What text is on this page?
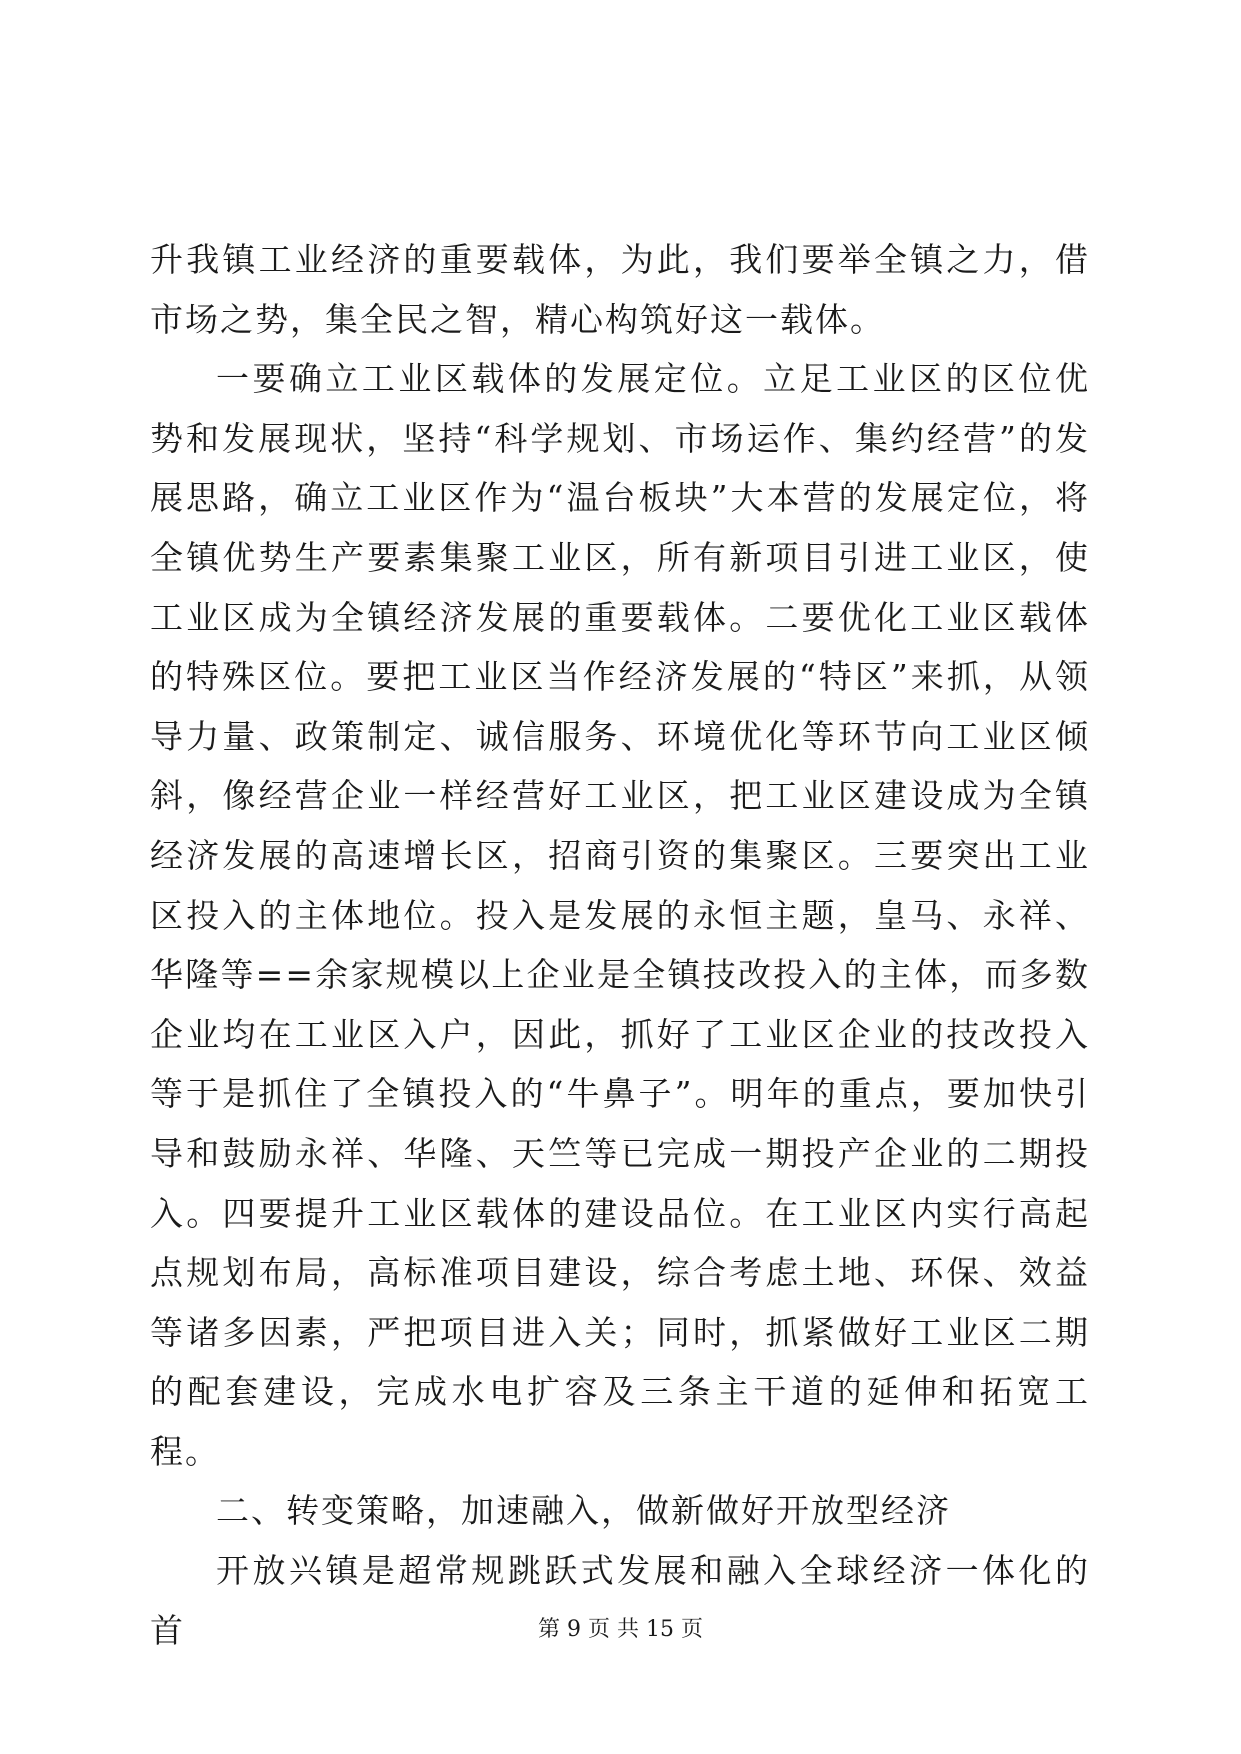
升我镇工业经济的重要载体，为此，我们要举全镇之力，借市场之势，集全民之智，精心构筑好这一载体。

一要确立工业区载体的发展定位。立足工业区的区位优势和发展现状，坚持“科学规划、市场运作、集约经营”的发展思路，确立工业区作为“温台板块”大本营的发展定位，将全镇优势生产要素集聚工业区，所有新项目引进工业区，使工业区成为全镇经济发展的重要载体。二要优化工业区载体的特殊区位。要把工业区当作经济发展的“特区”来抓，从领导力量、政策制定、诚信服务、环境优化等环节向工业区倾斜，像经营企业一样经营好工业区，把工业区建设成为全镇经济发展的高速增长区，招商引资的集聚区。三要突出工业区投入的主体地位。投入是发展的永恒主题，皇马、永祥、华隆等==余家规模以上企业是全镇技改投入的主体，而多数企业均在工业区入户，因此，抓好了工业区企业的技改投入等于是抓住了全镇投入的“牛鼻子”。明年的重点，要加快引导和鼓励永祥、华隆、天竺等已完成一期投产企业的二期投入。四要提升工业区载体的建设品位。在工业区内实行高起点规划布局，高标准项目建设，综合考虑土地、环保、效益等诸多因素，严把项目进入关；同时，抓紧做好工业区二期的配套建设，完成水电扩容及三条主干道的延伸和拓宽工程。

二、转变策略，加速融入，做新做好开放型经济

开放兴镇是超常规跳跃式发展和融入全球经济一体化的首	第 9 页 共 15 页
